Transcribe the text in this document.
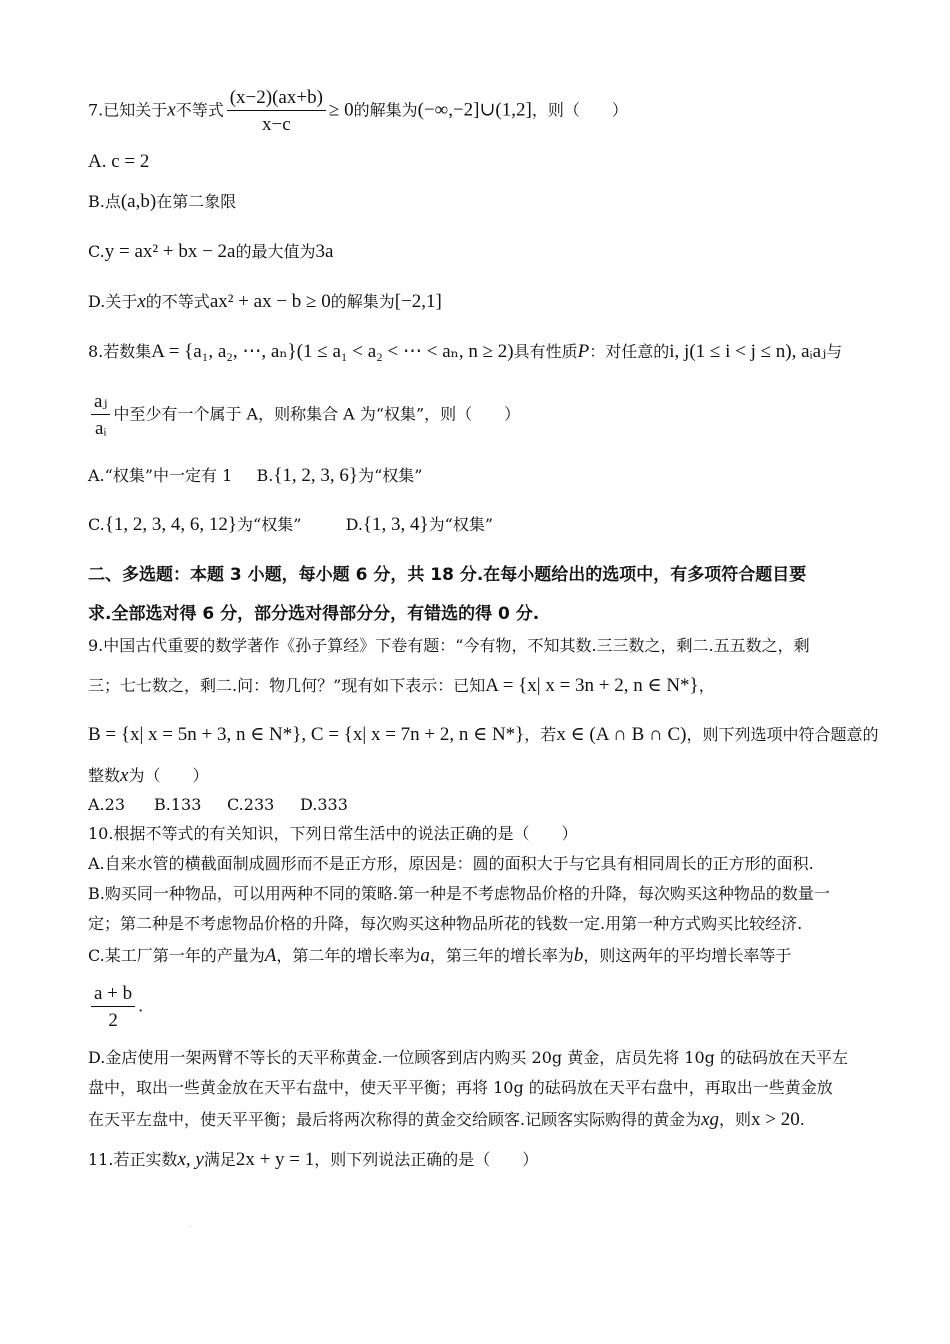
7.已知关于x不等式 $\frac{(x-2)(ax+b)}{x-c} \ge 0$的解集为(−∞,−2]∪(1,2]，则（　　）
A. c = 2
B.点(a,b)在第二象限
C.y = ax² + bx − 2a的最大值为3a
D.关于x的不等式ax² + ax − b ≥ 0的解集为[−2,1]
8.若数集A = {a₁, a₂, ⋯, aₙ}(1 ≤ a₁ < a₂ < ⋯ < aₙ, n ≥ 2)具有性质P：对任意的i, j(1 ≤ i < j ≤ n), aᵢaⱼ与
$\frac{\text{aⱼ}}{\text{aᵢ}}$ 中至少有一个属于 A，则称集合 A 为“权集”，则（　　）
A.“权集”中一定有 1 B.{1, 2, 3, 6}为“权集”
C.{1, 2, 3, 4, 6, 12}为“权集”	D.{1, 3, 4}为“权集”
二、多选题：本题 3 小题，每小题 6 分，共 18 分.在每小题给出的选项中，有多项符合题目要
求.全部选对得 6 分，部分选对得部分分，有错选的得 0 分.
9.中国古代重要的数学著作《孙子算经》下卷有题：“今有物，不知其数.三三数之，剩二.五五数之，剩
三；七七数之，剩二.问：物几何？”现有如下表示：已知A = {x| x = 3n + 2, n ∈ N*}，
B = {x| x = 5n + 3, n ∈ N*}, C = {x| x = 7n + 2, n ∈ N*}，若x ∈ (A ∩ B ∩ C)，则下列选项中符合题意的
整数x为（　　）
A.23 B.133 C.233 D.333
10.根据不等式的有关知识，下列日常生活中的说法正确的是（　　）
A.自来水管的横截面制成圆形而不是正方形，原因是：圆的面积大于与它具有相同周长的正方形的面积.
B.购买同一种物品，可以用两种不同的策略.第一种是不考虑物品价格的升降，每次购买这种物品的数量一
定；第二种是不考虑物品价格的升降，每次购买这种物品所花的钱数一定.用第一种方式购买比较经济.
C.某工厂第一年的产量为A，第二年的增长率为a，第三年的增长率为b，则这两年的平均增长率等于
$\frac{a + b}{2}$ .
D.金店使用一架两臂不等长的天平称黄金.一位顾客到店内购买 20g 黄金，店员先将 10g 的砝码放在天平左
盘中，取出一些黄金放在天平右盘中，使天平平衡；再将 10g 的砝码放在天平右盘中，再取出一些黄金放
在天平左盘中，使天平平衡；最后将两次称得的黄金交给顾客.记顾客实际购得的黄金为xg，则x > 20.
11.若正实数x, y满足2x + y = 1，则下列说法正确的是（　　）
